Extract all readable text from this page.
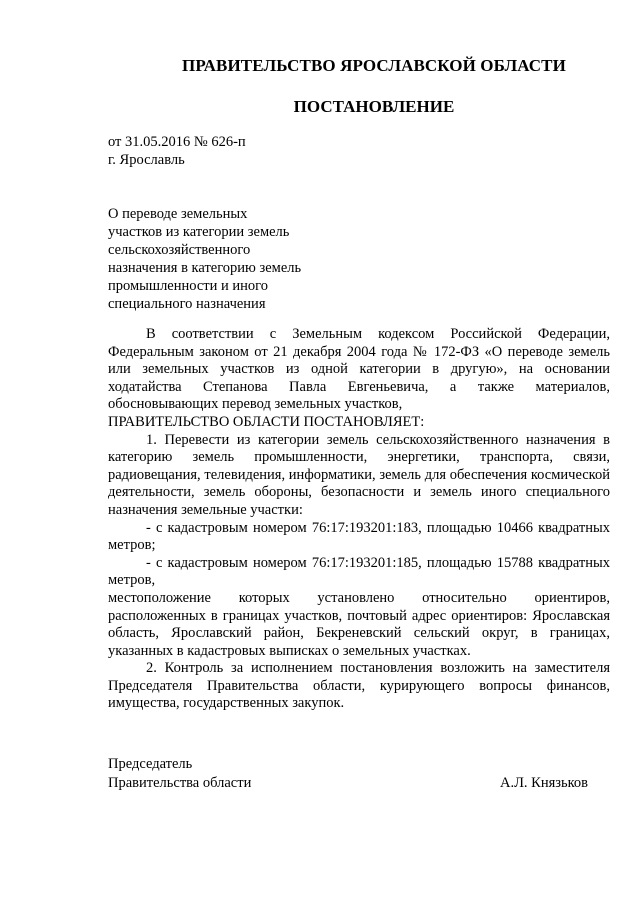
ПРАВИТЕЛЬСТВО ЯРОСЛАВСКОЙ ОБЛАСТИ
ПОСТАНОВЛЕНИЕ
от 31.05.2016 № 626-п
г. Ярославль
О переводе земельных
участков из категории земель
сельскохозяйственного
назначения в категорию земель
промышленности и иного
специального назначения

В соответствии с Земельным кодексом Российской Федерации, Федеральным законом от 21 декабря 2004 года № 172-ФЗ «О переводе земель или земельных участков из одной категории в другую», на основании ходатайства Степанова Павла Евгеньевича, а также материалов, обосновывающих перевод земельных участков,

ПРАВИТЕЛЬСТВО ОБЛАСТИ ПОСТАНОВЛЯЕТ:

1. Перевести из категории земель сельскохозяйственного назначения в категорию земель промышленности, энергетики, транспорта, связи, радиовещания, телевидения, информатики, земель для обеспечения космической деятельности, земель обороны, безопасности и земель иного специального назначения земельные участки:

- с кадастровым номером 76:17:193201:183, площадью 10466 квадратных метров;

- с кадастровым номером 76:17:193201:185, площадью 15788 квадратных метров,

местоположение которых установлено относительно ориентиров, расположенных в границах участков, почтовый адрес ориентиров: Ярославская область, Ярославский район, Бекреневский сельский округ, в границах, указанных в кадастровых выписках о земельных участках.

2. Контроль за исполнением постановления возложить на заместителя Председателя Правительства области, курирующего вопросы финансов, имущества, государственных закупок.

Председатель
Правительства области	А.Л. Князьков
